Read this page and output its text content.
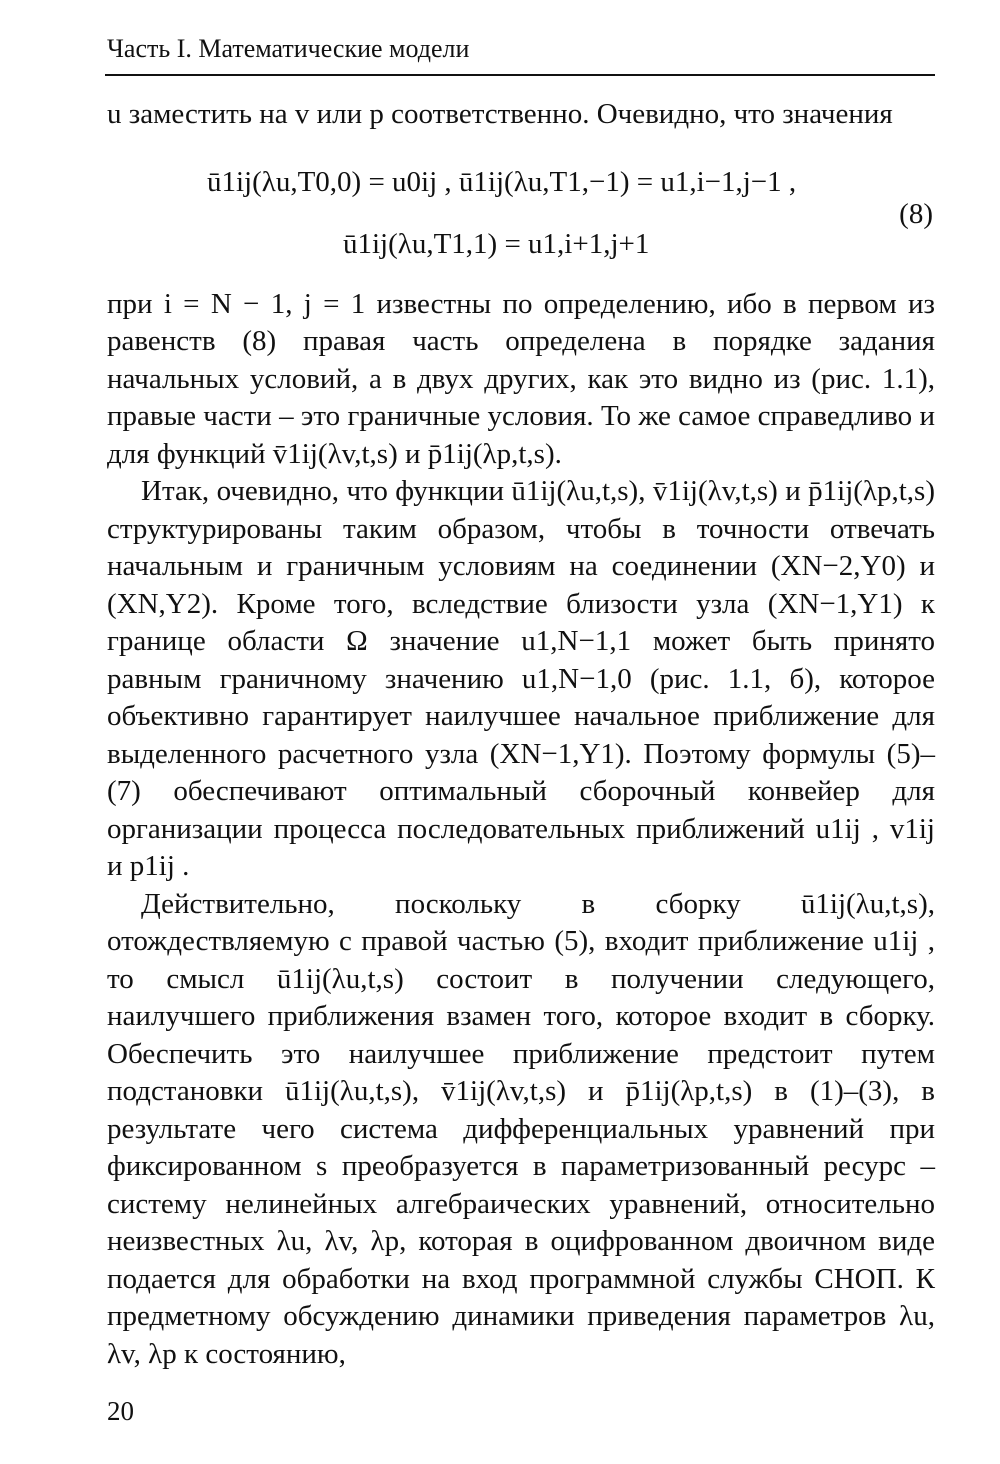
Часть I. Математические модели

u заместить на v или p соответственно. Очевидно, что значения

ū1ij(λu,T0,0) = u0ij , ū1ij(λu,T1,−1) = u1,i−1,j−1 ,
ū1ij(λu,T1,1) = u1,i+1,j+1
(8)

при i = N − 1, j = 1 известны по определению, ибо в первом из равенств (8) правая часть определена в порядке задания начальных условий, а в двух других, как это видно из (рис. 1.1), правые части – это граничные условия. То же самое справедливо и для функций v̄1ij(λv,t,s) и p̄1ij(λp,t,s).

Итак, очевидно, что функции ū1ij(λu,t,s), v̄1ij(λv,t,s) и p̄1ij(λp,t,s) структурированы таким образом, чтобы в точности отвечать начальным и граничным условиям на соединении (XN−2,Y0) и (XN,Y2). Кроме того, вследствие близости узла (XN−1,Y1) к границе области Ω значение u1,N−1,1 может быть принято равным граничному значению u1,N−1,0 (рис. 1.1, б), которое объективно гарантирует наилучшее начальное приближение для выделенного расчетного узла (XN−1,Y1). Поэтому формулы (5)–(7) обеспечивают оптимальный сборочный конвейер для организации процесса последовательных приближений u1ij , v1ij и p1ij .

Действительно, поскольку в сборку ū1ij(λu,t,s), отождествляемую с правой частью (5), входит приближение u1ij , то смысл ū1ij(λu,t,s) состоит в получении следующего, наилучшего приближения взамен того, которое входит в сборку. Обеспечить это наилучшее приближение предстоит путем подстановки ū1ij(λu,t,s), v̄1ij(λv,t,s) и p̄1ij(λp,t,s) в (1)–(3), в результате чего система дифференциальных уравнений при фиксированном s преобразуется в параметризованный ресурс – систему нелинейных алгебраических уравнений, относительно неизвестных λu, λv, λp, которая в оцифрованном двоичном виде подается для обработки на вход программной службы СНОП. К предметному обсуждению динамики приведения параметров λu, λv, λp к состоянию,

20
